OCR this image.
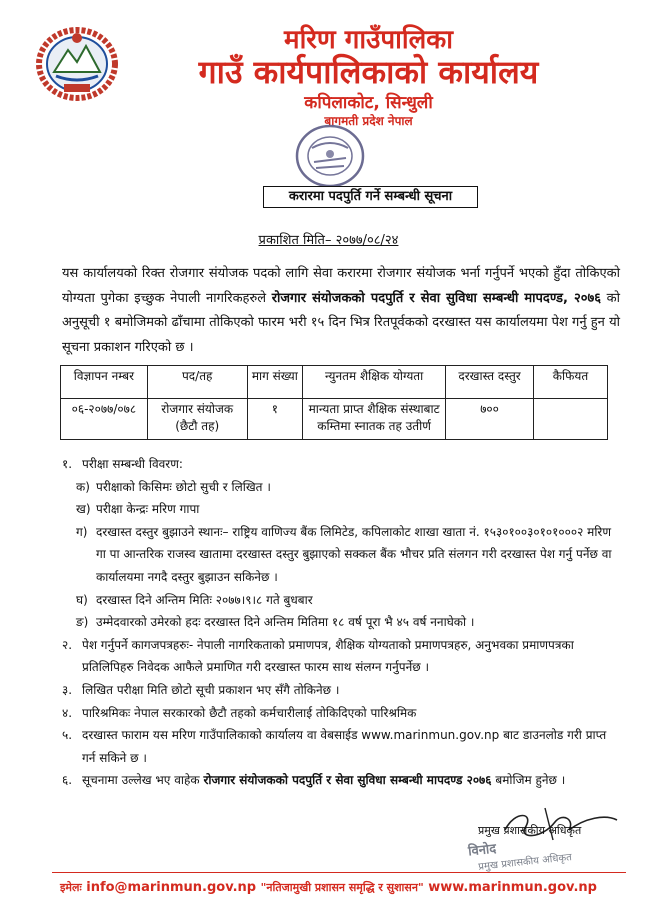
मरिण गाउँपालिका
गाउँ कार्यपालिकाको कार्यालय
कपिलाकोट, सिन्धुली
बागमती प्रदेश नेपाल
करारमा पदपुर्ति गर्ने सम्बन्धी सूचना
प्रकाशित मिति– २०७७/०८/२४
यस कार्यालयको रिक्त रोजगार संयोजक पदको लागि सेवा करारमा रोजगार संयोजक भर्ना गर्नुपर्ने भएको हुँदा तोकिएको योग्यता पुगेका इच्छुक नेपाली नागरिकहरुले रोजगार संयोजकको पदपुर्ति र सेवा सुविधा सम्बन्धी मापदण्ड, २०७६ को अनुसूची १ बमोजिमको ढाँचामा तोकिएको फारम भरी १५ दिन भित्र रितपूर्वकको दरखास्त यस कार्यालयमा पेश गर्नु हुन यो सूचना प्रकाशन गरिएको छ ।
विज्ञापन नम्बर	पद/तह	माग संख्या	न्युनतम शैक्षिक योग्यता	दरखास्त दस्तुर	कैफियत
०६-२०७७/०७८	रोजगार संयोजक (छैटौ तह)	१	मान्यता प्राप्त शैक्षिक संस्थाबाट कम्तिमा स्नातक तह उतीर्ण	७००	
१. परीक्षा सम्बन्धी विवरण:
क) परीक्षाको किसिमः छोटो सुची र लिखित ।
ख) परीक्षा केन्द्रः मरिण गापा
ग) दरखास्त दस्तुर बुझाउने स्थानः– राष्ट्रिय वाणिज्य बैंक लिमिटेड, कपिलाकोट शाखा खाता नं. १५३०१००३०१०१०००२ मरिण गा पा आन्तरिक राजस्व खातामा दरखास्त दस्तुर बुझाएको सक्कल बैंक भौचर प्रति संलगन गरी दरखास्त पेश गर्नु पर्नेछ वा कार्यालयमा नगदै दस्तुर बुझाउन सकिनेछ ।
घ) दरखास्त दिने अन्तिम मितिः २०७७।९।८ गते बुधबार
ङ) उम्मेदवारको उमेरको हदः दरखास्त दिने अन्तिम मितिमा १८ वर्ष पूरा भै ४५ वर्ष ननाघेको ।
२. पेश गर्नुपर्ने कागजपत्रहरुः- नेपाली नागरिकताको प्रमाणपत्र, शैक्षिक योग्यताको प्रमाणपत्रहरु, अनुभवका प्रमाणपत्रका प्रतिलिपिहरु निवेदक आफैले प्रमाणित गरी दरखास्त फारम साथ संलग्न गर्नुपर्नेछ ।
३. लिखित परीक्षा मिति छोटो सूची प्रकाशन भए सँगै तोकिनेछ ।
४. पारिश्रमिकः नेपाल सरकारको छैटौ तहको कर्मचारीलाई तोकिदिएको पारिश्रमिक
५. दरखास्त फाराम यस मरिण गाउँपालिकाको कार्यालय वा वेबसाईड www.marinmun.gov.np बाट डाउनलोड गरी प्राप्त गर्न सकिने छ ।
६. सूचनामा उल्लेख भए वाहेक रोजगार संयोजकको पदपुर्ति र सेवा सुविधा सम्बन्धी मापदण्ड २०७६ बमोजिम हुनेछ ।
प्रमुख प्रशासकीय अधिकृत
विनोद
प्रमुख प्रशासकीय अधिकृत
इमेलः info@marinmun.gov.np "नतिजामुखी प्रशासन समृद्धि र सुशासन" www.marinmun.gov.np
